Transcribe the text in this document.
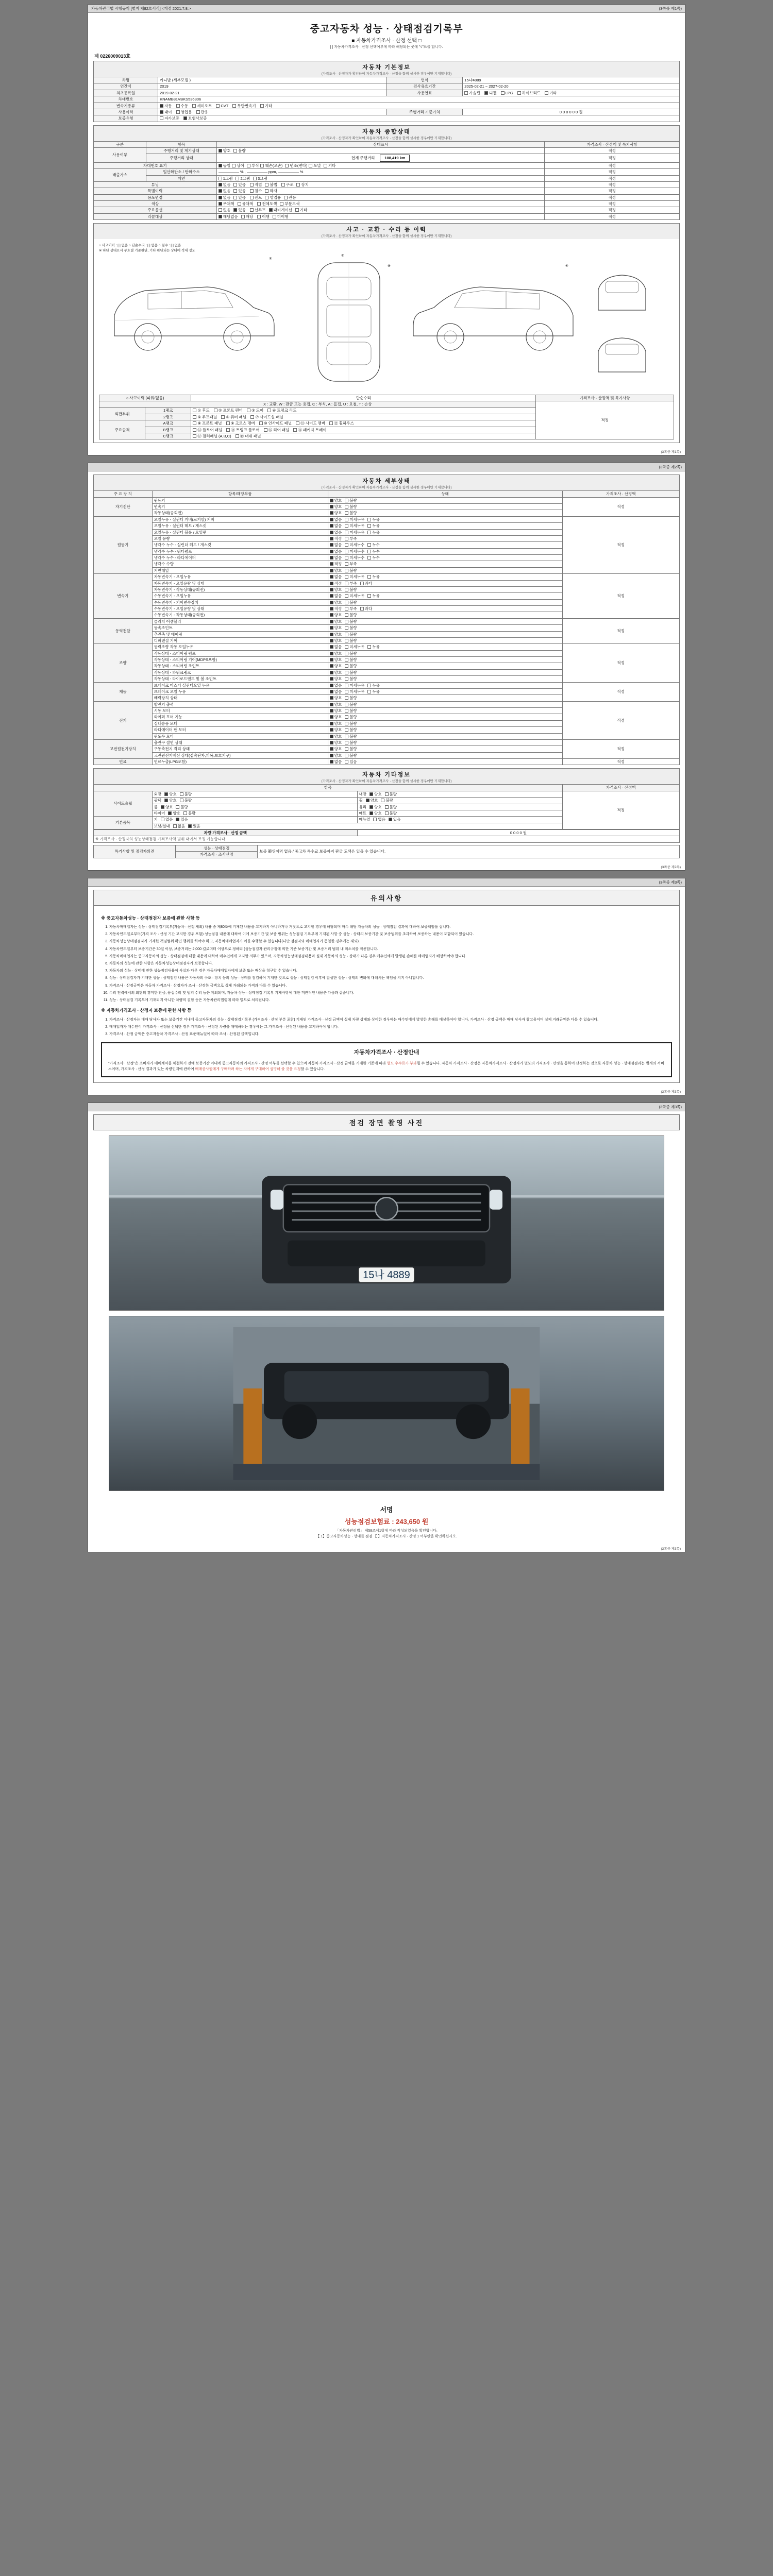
자동차관리법 시행규칙 [별지 제82호서식] <개정 2021.7.8.>	(3쪽중 제1쪽)
중고자동차 성능 · 상태점검기록부
■ 자동차가격조사 · 산정 선택 □
[ ] 자동차가격조사 · 산정 선택여부에 따라 해당되는 곳에 "√"표를 합니다.
제 0226009013호
자동차 기본정보
(가격조사 · 산정자가 확인하여 자동차가격조사 · 산정을 함께 실시한 경우에만 기재합니다)
차명	카니발 (세부모델 )	연식	15나4889
연간식	2019	검사유효기간	2025-02-21 ~ 2027-02-20
최초등록일	2019-02-21	사용연료	가솔린 디젤 LPG 하이브리드 기타
차대번호	KNAMB81VBKS536306		
변속기종류	자동 수동 세미오토 CVT 무단변속기 기타		
사용이력	대여 영업용 관용	주행거리 기준가치	0 0 0 0 0 0 원
보증유형	자가보증 보험사보증		
자동차 종합상태
(가격조사 · 산정자가 확인하여 자동차가격조사 · 산정을 함께 실시한 경우에만 기재합니다)
구분	항목	상태표시	가격조사 · 산정액 및 특기사항
사용여부	주행거리 및 계기상태	양호 불량	적정
	주행거리 상태	현재 주행거리 108,419 km	적정
차대번호 표기		동일 상이 부식 훼손(오손) 변조(변타) 도말 기타	적정
배출가스	일산화탄소 / 탄화수소	% , ppm, %	적정
	매연	1그램 2그램 3그램	적정
튜닝		없음 있음 적법 불법 구조 장치	적정
특별이력		없음 있음 침수 화재	적정
용도변경		없음 있음 렌트 영업용 관용	적정
색상		무채색 유채색 전체도색 부분도색	적정
주요옵션		없음 있음 선루프 내비게이션 기타	적정
리콜대상		해당없음 해당 이행 미이행	적정
사고 · 교환 · 수리 등 이력
(가격조사 · 산정자가 확인하여 자동차가격조사 · 산정을 함께 실시한 경우에만 기재합니다)
○ 사고이력 : [ ] 없음 ○ 단순수리 : [ ] 없음 ○ 침수 : [ ] 없음
※ 하단 상태표시 부호별 기준판단, 기타 판단되는 상태에 적재 정도
①
⑦
⑧	④
○ 사고이력 (파워/없음)		단순수리	가격조사 · 산정액 및 특기사항
X : 교환, W : 판금 또는 용접, C : 부식, A : 흠집, U : 요철, T : 손상			적정
외판부위	1랭크	① 후드 ② 프론트 펜더 ③ 도어 ④ 트렁크 리드	
	2랭크	⑤ 루프패널 ⑥ 쿼터 패널 ⑦ 사이드실 패널	
주요골격	A랭크	⑧ 프론트 패널 ⑨ 크로스 멤버 ⑩ 인사이드 패널 ⑪ 사이드 멤버 ⑫ 휠하우스	
	B랭크	⑬ 플로어 패널 ⑭ 트렁크 플로어 ⑮ 리어 패널 ⑯ 패키지 트레이	
	C랭크	⑰ 필러패널 (A,B,C) ⑱ 대쉬 패널	
(3쪽중 제1쪽)
(3쪽중 제2쪽)
자동차 세부상태
(가격조사 · 산정자가 확인하여 자동차가격조사 · 산정을 함께 실시한 경우에만 기재합니다)
주 요 장 치	항목/해당부품	상태	가격조사 · 산정액
자기진단	원동기	양호 불량	적정
	변속기	양호 불량	
	작동상태(공회전)	양호 불량	
원동기	오일누유 - 실린더 커버(로커암) 커버	없음 미세누유 누유	적정
	오일누유 - 실린더 헤드 / 개스킷	없음 미세누유 누유	
	오일누유 - 실린더 블록 / 오일팬	없음 미세누유 누유	
	오일 유량	적정 부족	
	냉각수 누수 - 실린더 헤드 / 개스킷	없음 미세누수 누수	
	냉각수 누수 - 워터펌프	없음 미세누수 누수	
	냉각수 누수 - 라디에이터	없음 미세누수 누수	
	냉각수 수량	적정 부족	
	커먼레일	양호 불량	
변속기	자동변속기 - 오일누유	없음 미세누유 누유	적정
	자동변속기 - 오일유량 및 상태	적정 부족 과다	
	자동변속기 - 작동상태(공회전)	양호 불량	
	수동변속기 - 오일누유	없음 미세누유 누유	
	수동변속기 - 기어변속장치	양호 불량	
	수동변속기 - 오일유량 및 상태	적정 부족 과다	
	수동변속기 - 작동상태(공회전)	양호 불량	
동력전달	클러치 어셈블리	양호 불량	적정
	등속조인트	양호 불량	
	추진축 및 베어링	양호 불량	
	디퍼렌셜 기어	양호 불량	
조향	동력조향 작동 오일누유	없음 미세누유 누유	적정
	작동상태 - 스티어링 펌프	양호 불량	
	작동상태 - 스티어링 기어(MDPS포함)	양호 불량	
	작동상태 - 스티어링 조인트	양호 불량	
	작동상태 - 파워크랭크	양호 불량	
	작동상태 - 타이로드엔드 및 볼 조인트	양호 불량	
제동	브레이크 마스터 실린더오일 누유	없음 미세누유 누유	적정
	브레이크 오일 누유	없음 미세누유 누유	
	배력장치 상태	양호 불량	
전기	발전기 출력	양호 불량	적정
	시동 모터	양호 불량	
	와이퍼 모터 기능	양호 불량	
	실내송풍 모터	양호 불량	
	라디에이터 팬 모터	양호 불량	
	윈도우 모터	양호 불량	
고전원전기장치	충전구 절연 상태	양호 불량	적정
	구동축전지 격리 상태	양호 불량	
	고전원전기배선 상태(접속단자,피복,보호기구)	양호 불량	
연료	연료누출(LPG포함)	없음 있음	적정
자동차 기타정보
(가격조사 · 산정자가 확인하여 자동차가격조사 · 산정을 함께 실시한 경우에만 기재합니다)
항목			가격조사 · 산정액
사이드슬립	외장 양호 불량	내장 양호 불량	적정
	광택 양호 불량	휠 양호 불량	
	룸 양호 불량	유리 양호 불량	
	타이어 양호 불량	매트 양호 불량	
기본품목	키 없음 있음	매뉴얼 없음 있음	
	보닛/실내 없음 있음		
차량 가격조사 · 산정 금액	0 0 0 0 원
※ 가격조사 · 산정자의 성능상태점검 가격조사액 범위 내에서 조정 가능합니다.
특기사항 및 점검자의견	성능 · 상태점검	보증 範위이력 없음 / 중고차 특수교 보증까지 판금 도색은 있을 수 있습니다.
가격조사 · 조사산정
(3쪽중 제2쪽)
(3쪽중 제3쪽)
유의사항
※ 중고자동차성능 · 상태점검자 보증에 관한 사항 등
1. 자동차매매업자는 성능 · 상태점검기록부(자동차 · 산정 제외) 내용 중 제80조에 기재된 내용을 고지하지 아니하거나 거짓으로 고지할 경우에 해당되며 매수 해당 자동차의 성능 · 상태점검 결과에 대하여 보증책임을 집니다.
2. 자동차인도일로부터(가격 조사 · 산정 기간 고지한 경우 포함) 성능점검 내용에 대하여 이에 보증기간 및 보증 범위는 성능점검 기록부에 기재된 사항 중 성능 · 상태의 보증기간 및 보증범위를 초과하여 보증하는 내용이 포함되어 있습니다.
3. 자동차성능상태점검자가 기재한 책임범위 확인 행위를 하여야 하고, 자동차매매업자가 이를 수행할 수 있습니다(다만 점검자와 매매업자가 동일한 경우에는 제외).
4. 자동차인도일부터 보증기간은 30일 이상, 보증거리는 2,000 킬로미터 이상으로 정하되 (성능점검자 관리규정에 의한 기준 보증기간 및 보증거리 범위 내 최소치를 적용합니다.
5. 자동차매매업자는 중고자동차의 성능 · 상태점검에 대한 내용에 대하여 매수인에게 고지할 의무가 있으며, 자동차성능상태점검내용과 실제 자동차의 성능 · 상태가 다른 경우 매수인에게 발생된 손해를 매매업자가 배상하여야 합니다.
6. 자동차의 성능에 관한 사항은 자동차성능상태점검자가 보증합니다.
7. 자동차의 성능 · 상태에 관한 성능점검내용이 사실과 다른 경우 자동차매매업자에게 보증 또는 배상을 청구할 수 있습니다.
8. 성능 · 상태점검자가 기재한 성능 · 상태점검 내용은 자동차의 구조 · 장치 등의 성능 · 상태를 점검하여 기재한 것으로 성능 · 상태점검 이후에 발생한 성능 · 상태의 변화에 대해서는 책임을 지지 아니합니다.
9. 가격조사 · 산정금액은 자동차 가격조사 · 산정자가 조사 · 산정한 금액으로 실제 거래되는 가격과 다를 수 있습니다.
10. 수리 전력에서의 외판의 경미한 판금, 용접수리 및 범퍼 수리 등은 제외되며, 자동차 성능 · 상태점검 기록부 기재사항에 대한 객관적인 내용은 다음과 같습니다.
11. 성능 · 상태점검 기록부에 기재되지 아니한 차량의 결함 등은 자동차관리법령에 따라 별도로 처리됩니다.
※ 자동차가격조사 · 산정자 보증에 관한 사항 등
1. 가격조사 · 산정자는 매매 당사자 또는 보증기간 이내에 중고자동차의 성능 · 상태점검기록부 (가격조사 · 산정 부분 포함) 기재된 가격조사 · 산정 금액이 실제 차량 상태와 상이한 경우에는 매수인에게 발생한 손해를 배상하여야 합니다. 가격조사 · 산정 금액은 매매 당사자 참고용이며 실제 거래금액은 다를 수 있습니다.
2. 매매업자가 매수인이 가격조사 · 산정을 선택한 경우 가격조사 · 산정된 차량을 매매하려는 경우에는 그 가격조사 · 산정된 내용을 고지하여야 합니다.
3. 가격조사 · 산정 금액은 중고자동차 가격조사 · 산정 표준매뉴얼에 따라 조사 · 산정된 금액입니다.
자동차가격조사 · 산정안내

"가격조사 · 산정"은 소비자가 매매계약을 체결하기 전에 보증기간 이내에 중고자동차의 가격조사 · 산정 여부를 선택할 수 있으며 자동차 가격조사 · 산정 금액을 기재한 기준에 따라 별도 수수료가 부과될 수 있습니다. 자동차 가격조사 · 산정은 자동차가격조사 · 산정자가 별도의 가격조사 · 산정을 통하여 산정하는 것으로 자동차 성능 · 상태점검과는 별개의 서비스이며, 가격조사 · 산정 결과가 있는 차량인지에 관하여 매매종사원에게 구매하려 하는 자에게 구매하여 설명해 줄 것을 요청할 수 있습니다.

(3쪽중 제3쪽)
(3쪽중 제3쪽)
점검 장면 촬영 사진
15나 4889
서명
성능점검보험료 : 243,650 원
「자동차관리법」 제58조제1항에 따라 작성되었음을 확인합니다.
【 1】중고자동차성능 · 상태를 점검 【 】자동차가격조사 · 산정 1 여부란을 확인하십시오.
(3쪽중 제3쪽)
